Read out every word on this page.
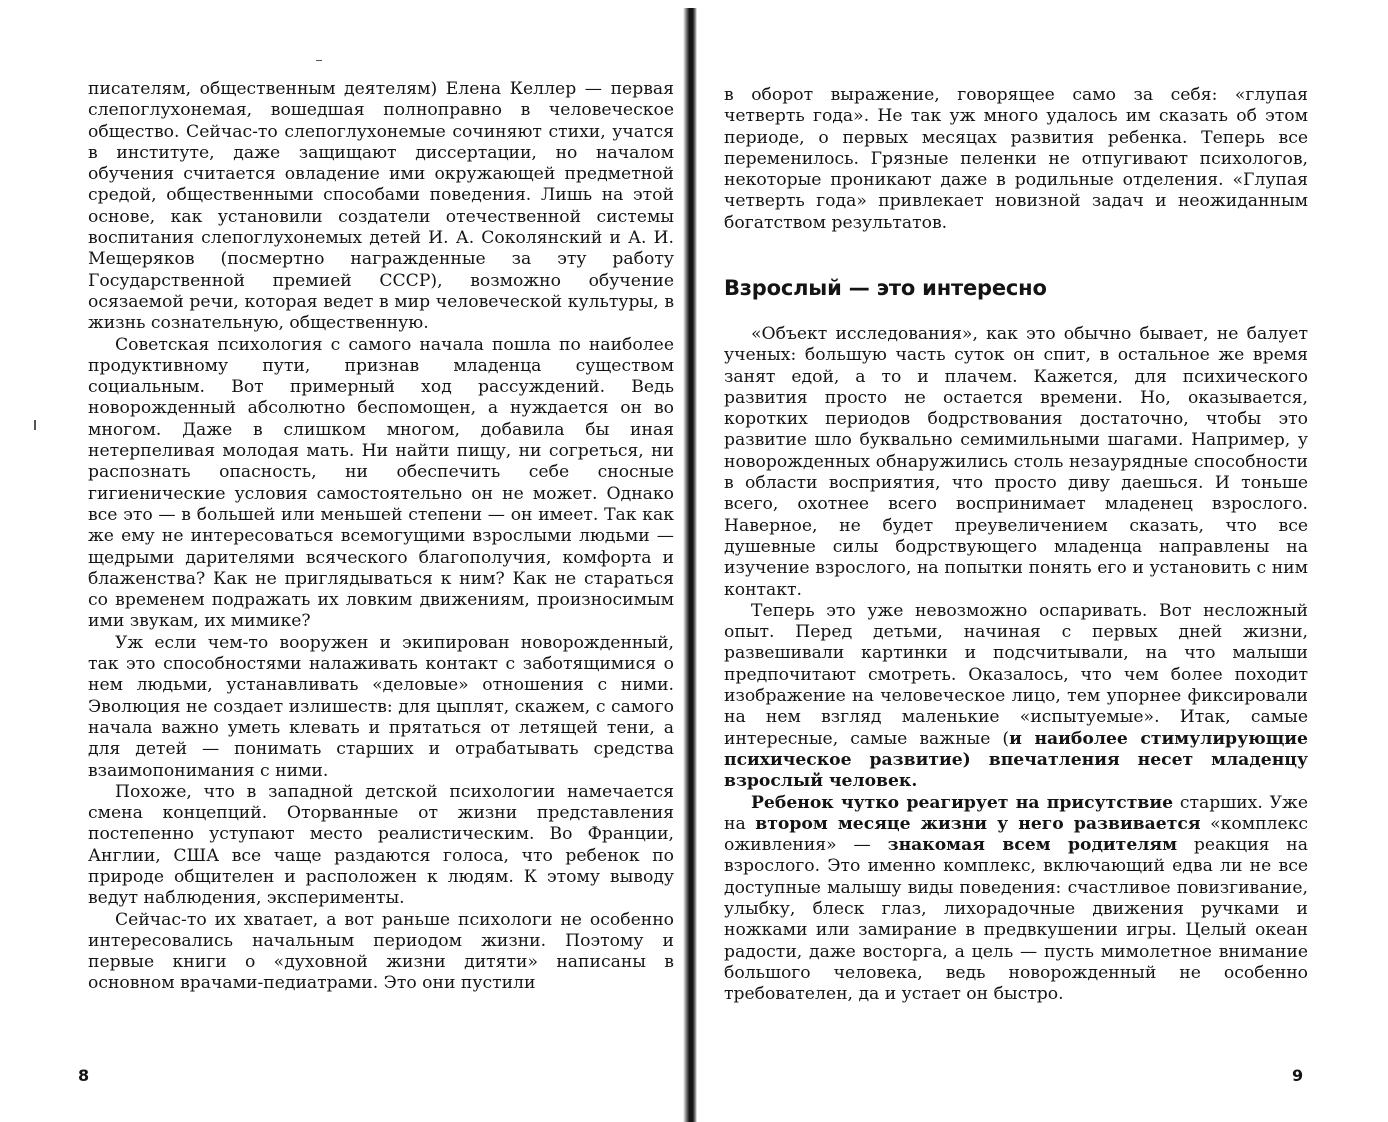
писателям, общественным деятелям) Елена Келлер — первая слепоглухонемая, вошедшая полноправно в человеческое общество. Сейчас-то слепоглухонемые сочиняют стихи, учатся в институте, даже защищают диссертации, но началом обучения считается овладение ими окружающей предметной средой, общественными способами поведения. Лишь на этой основе, как установили создатели отечественной системы воспитания слепоглухонемых детей И. А. Соколянский и А. И. Мещеряков (посмертно награжденные за эту работу Государственной премией СССР), возможно обучение осязаемой речи, которая ведет в мир человеческой культуры, в жизнь сознательную, общественную.

Советская психология с самого начала пошла по наиболее продуктивному пути, признав младенца существом социальным. Вот примерный ход рассуждений. Ведь новорожденный абсолютно беспомощен, а нуждается он во многом. Даже в слишком многом, добавила бы иная нетерпеливая молодая мать. Ни найти пищу, ни согреться, ни распознать опасность, ни обеспечить себе сносные гигиенические условия самостоятельно он не может. Однако все это — в большей или меньшей степени — он имеет. Так как же ему не интересоваться всемогущими взрослыми людьми — щедрыми дарителями всяческого благополучия, комфорта и блаженства? Как не приглядываться к ним? Как не стараться со временем подражать их ловким движениям, произносимым ими звукам, их мимике?

Уж если чем-то вооружен и экипирован новорожденный, так это способностями налаживать контакт с заботящимися о нем людьми, устанавливать «деловые» отношения с ними. Эволюция не создает излишеств: для цыплят, скажем, с самого начала важно уметь клевать и прятаться от летящей тени, а для детей — понимать старших и отрабатывать средства взаимопонимания с ними.

Похоже, что в западной детской психологии намечается смена концепций. Оторванные от жизни представления постепенно уступают место реалистическим. Во Франции, Англии, США все чаще раздаются голоса, что ребенок по природе общителен и расположен к людям. К этому выводу ведут наблюдения, эксперименты.

Сейчас-то их хватает, а вот раньше психологи не особенно интересовались начальным периодом жизни. Поэтому и первые книги о «духовной жизни дитяти» написаны в основном врачами-педиатрами. Это они пустили

8

в оборот выражение, говорящее само за себя: «глупая четверть года». Не так уж много удалось им сказать об этом периоде, о первых месяцах развития ребенка. Теперь все переменилось. Грязные пеленки не отпугивают психологов, некоторые проникают даже в родильные отделения. «Глупая четверть года» привлекает новизной задач и неожиданным богатством результатов.

Взрослый — это интересно

«Объект исследования», как это обычно бывает, не балует ученых: большую часть суток он спит, в остальное же время занят едой, а то и плачем. Кажется, для психического развития просто не остается времени. Но, оказывается, коротких периодов бодрствования достаточно, чтобы это развитие шло буквально семимильными шагами. Например, у новорожденных обнаружились столь незаурядные способности в области восприятия, что просто диву даешься. И тоньше всего, охотнее всего воспринимает младенец взрослого. Наверное, не будет преувеличением сказать, что все душевные силы бодрствующего младенца направлены на изучение взрослого, на попытки понять его и установить с ним контакт.

Теперь это уже невозможно оспаривать. Вот несложный опыт. Перед детьми, начиная с первых дней жизни, развешивали картинки и подсчитывали, на что малыши предпочитают смотреть. Оказалось, что чем более походит изображение на человеческое лицо, тем упорнее фиксировали на нем взгляд маленькие «испытуемые». Итак, самые интересные, самые важные (и наиболее стимулирующие психическое развитие) впечатления несет младенцу взрослый человек.

Ребенок чутко реагирует на присутствие старших. Уже на втором месяце жизни у него развивается «комплекс оживления» — знакомая всем родителям реакция на взрослого. Это именно комплекс, включающий едва ли не все доступные малышу виды поведения: счастливое повизгивание, улыбку, блеск глаз, лихорадочные движения ручками и ножками или замирание в предвкушении игры. Целый океан радости, даже восторга, а цель — пусть мимолетное внимание большого человека, ведь новорожденный не особенно требователен, да и устает он быстро.

9
